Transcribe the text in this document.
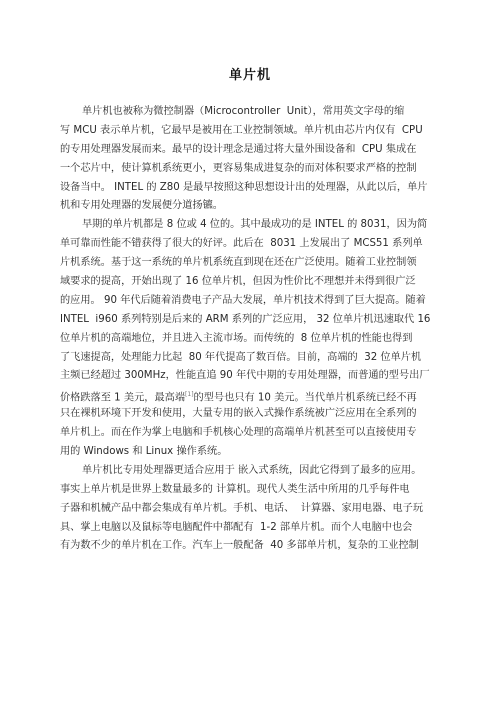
单片机
单片机也被称为微控制器（Microcontroller  Unit），常用英文字母的缩
写 MCU 表示单片机，它最早是被用在工业控制领域。单片机由芯片内仅有  CPU
的专用处理器发展而来。最早的设计理念是通过将大量外围设备和  CPU 集成在
一个芯片中，使计算机系统更小，更容易集成进复杂的而对体积要求严格的控制
设备当中。 INTEL 的 Z80 是最早按照这种思想设计出的处理器，从此以后，单片
机和专用处理器的发展便分道扬镳。
早期的单片机都是 8 位或 4 位的。其中最成功的是 INTEL 的 8031，因为简
单可靠而性能不错获得了很大的好评。此后在  8031 上发展出了 MCS51 系列单
片机系统。基于这一系统的单片机系统直到现在还在广泛使用。随着工业控制领
域要求的提高，开始出现了 16 位单片机，但因为性价比不理想并未得到很广泛
的应用。 90 年代后随着消费电子产品大发展，单片机技术得到了巨大提高。随着
INTEL  i960 系列特别是后来的 ARM 系列的广泛应用， 32 位单片机迅速取代 16
位单片机的高端地位，并且进入主流市场。而传统的  8 位单片机的性能也得到
了飞速提高，处理能力比起  80 年代提高了数百倍。目前，高端的  32 位单片机
主频已经超过 300MHz，性能直追 90 年代中期的专用处理器，而普通的型号出厂
价格跌落至 1 美元，最高端[1]的型号也只有 10 美元。当代单片机系统已经不再
只在裸机环境下开发和使用，大量专用的嵌入式操作系统被广泛应用在全系列的
单片机上。而在作为掌上电脑和手机核心处理的高端单片机甚至可以直接使用专
用的 Windows 和 Linux 操作系统。
单片机比专用处理器更适合应用于 嵌入式系统，因此它得到了最多的应用。
事实上单片机是世界上数量最多的 计算机。现代人类生活中所用的几乎每件电
子器和机械产品中都会集成有单片机。手机、电话、  计算器、家用电器、电子玩
具、掌上电脑以及鼠标等电脑配件中都配有  1-2 部单片机。而个人电脑中也会
有为数不少的单片机在工作。汽车上一般配备  40 多部单片机，复杂的工业控制
